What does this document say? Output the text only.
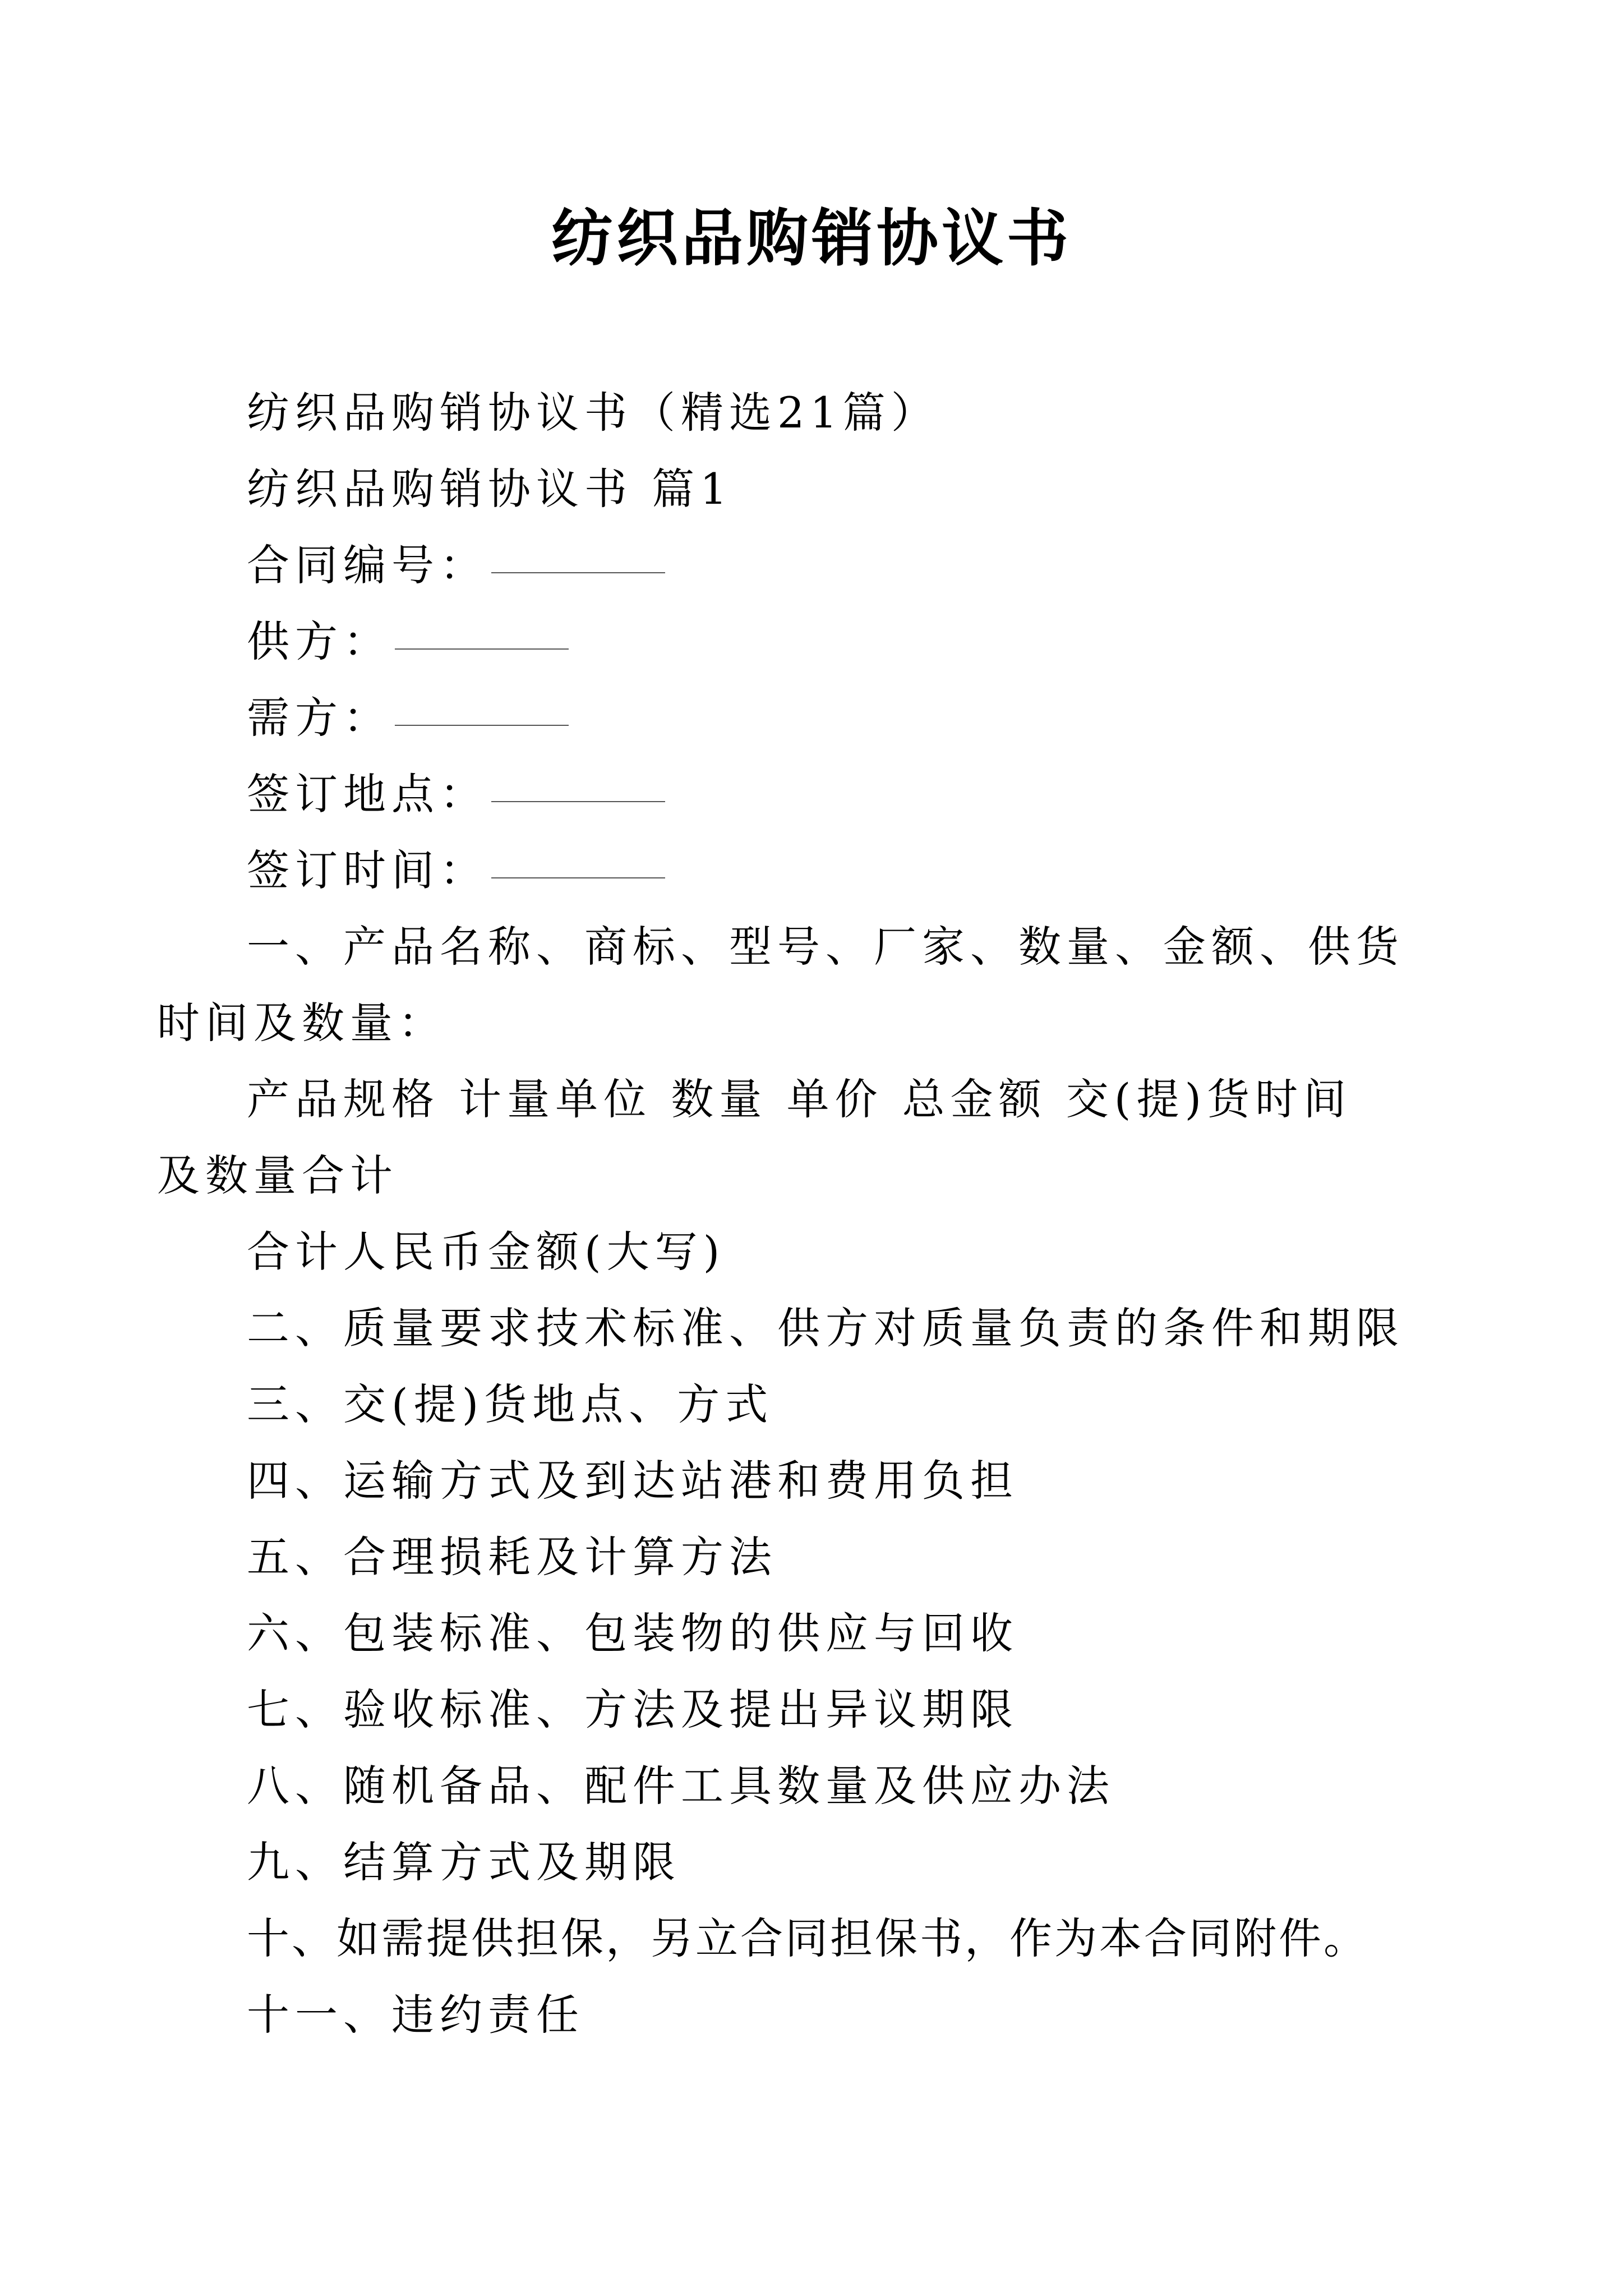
纺织品购销协议书
纺织品购销协议书（精选21篇）
纺织品购销协议书 篇1
合同编号：
供方：
需方：
签订地点：
签订时间：
一、产品名称、商标、型号、厂家、数量、金额、供货
时间及数量：
产品规格 计量单位 数量 单价 总金额 交(提)货时间
及数量合计
合计人民币金额(大写)
二、质量要求技术标准、供方对质量负责的条件和期限
三、交(提)货地点、方式
四、运输方式及到达站港和费用负担
五、合理损耗及计算方法
六、包装标准、包装物的供应与回收
七、验收标准、方法及提出异议期限
八、随机备品、配件工具数量及供应办法
九、结算方式及期限
十、如需提供担保，另立合同担保书，作为本合同附件。
十一、违约责任
